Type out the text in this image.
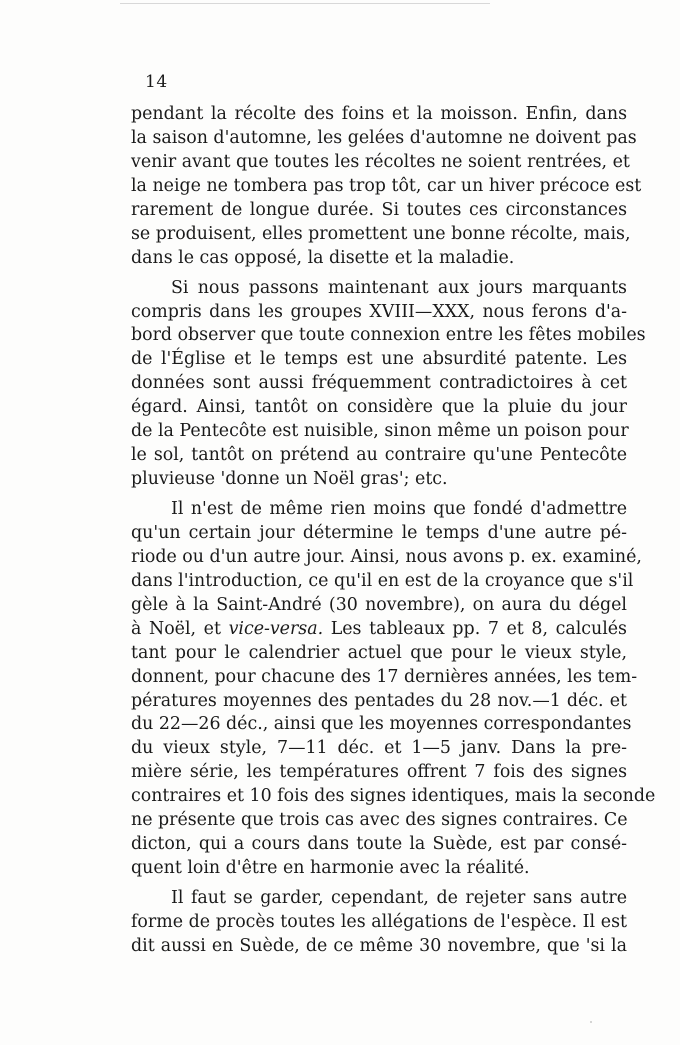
14
pendant la récolte des foins et la moisson. Enfin, dans
la saison d'automne, les gelées d'automne ne doivent pas
venir avant que toutes les récoltes ne soient rentrées, et
la neige ne tombera pas trop tôt, car un hiver précoce est
rarement de longue durée. Si toutes ces circonstances
se produisent, elles promettent une bonne récolte, mais,
dans le cas opposé, la disette et la maladie.
Si nous passons maintenant aux jours marquants
compris dans les groupes XVIII—XXX, nous ferons d'a-
bord observer que toute connexion entre les fêtes mobiles
de l'Église et le temps est une absurdité patente. Les
données sont aussi fréquemment contradictoires à cet
égard. Ainsi, tantôt on considère que la pluie du jour
de la Pentecôte est nuisible, sinon même un poison pour
le sol, tantôt on prétend au contraire qu'une Pentecôte
pluvieuse 'donne un Noël gras'; etc.
Il n'est de même rien moins que fondé d'admettre
qu'un certain jour détermine le temps d'une autre pé-
riode ou d'un autre jour. Ainsi, nous avons p. ex. examiné,
dans l'introduction, ce qu'il en est de la croyance que s'il
gèle à la Saint-André (30 novembre), on aura du dégel
à Noël, et vice-versa. Les tableaux pp. 7 et 8, calculés
tant pour le calendrier actuel que pour le vieux style,
donnent, pour chacune des 17 dernières années, les tem-
pératures moyennes des pentades du 28 nov.—1 déc. et
du 22—26 déc., ainsi que les moyennes correspondantes
du vieux style, 7—11 déc. et 1—5 janv. Dans la pre-
mière série, les températures offrent 7 fois des signes
contraires et 10 fois des signes identiques, mais la seconde
ne présente que trois cas avec des signes contraires. Ce
dicton, qui a cours dans toute la Suède, est par consé-
quent loin d'être en harmonie avec la réalité.
Il faut se garder, cependant, de rejeter sans autre
forme de procès toutes les allégations de l'espèce. Il est
dit aussi en Suède, de ce même 30 novembre, que 'si la
